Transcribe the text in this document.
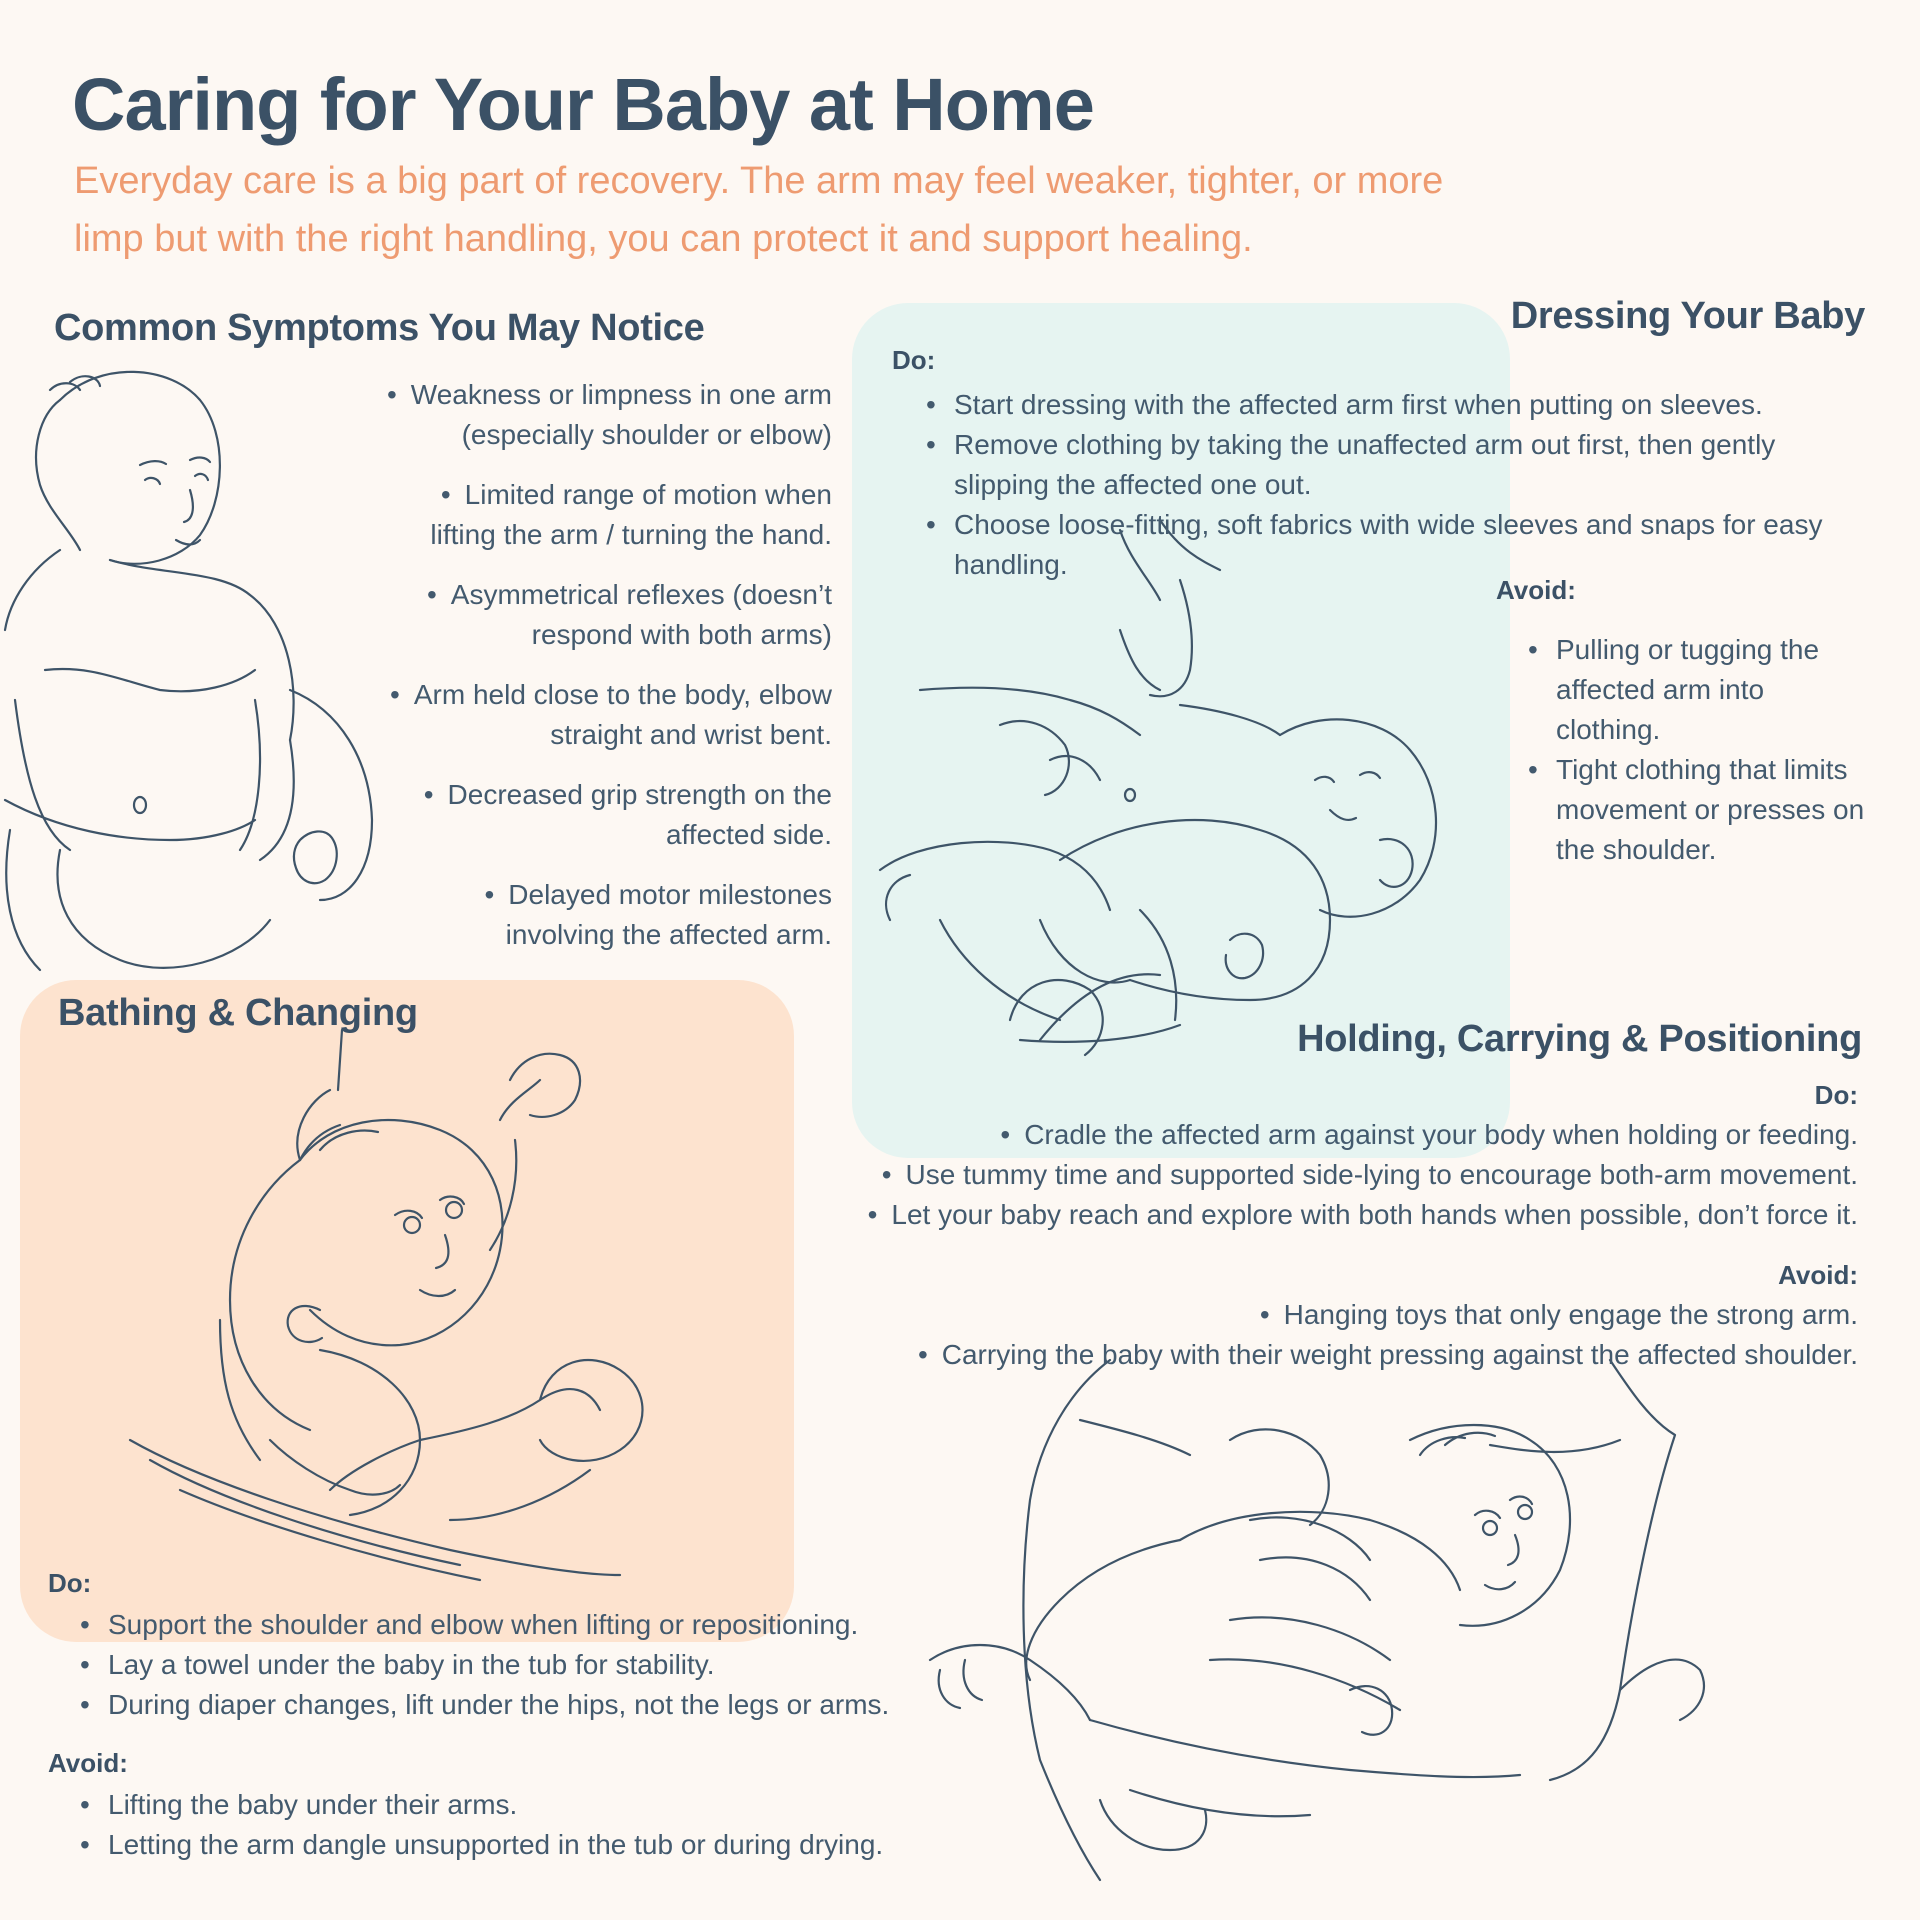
Caring for Your Baby at Home
Everyday care is a big part of recovery. The arm may feel weaker, tighter, or more
limp but with the right handling, you can protect it and support healing.
Common Symptoms You May Notice
• Weakness or limpness in one arm
(especially shoulder or elbow)
• Limited range of motion when
lifting the arm / turning the hand.
• Asymmetrical reflexes (doesn’t
respond with both arms)
• Arm held close to the body, elbow
straight and wrist bent.
• Decreased grip strength on the
affected side.
• Delayed motor milestones
involving the affected arm.
Dressing Your Baby
Do:
• Start dressing with the affected arm first when putting on sleeves.
• Remove clothing by taking the unaffected arm out first, then gently
slipping the affected one out.
• Choose loose-fitting, soft fabrics with wide sleeves and snaps for easy
handling.
Avoid:
• Pulling or tugging the
affected arm into
clothing.
• Tight clothing that limits
movement or presses on
the shoulder.
Bathing & Changing
Do:
• Support the shoulder and elbow when lifting or repositioning.
• Lay a towel under the baby in the tub for stability.
• During diaper changes, lift under the hips, not the legs or arms.
Avoid:
• Lifting the baby under their arms.
• Letting the arm dangle unsupported in the tub or during drying.
Holding, Carrying & Positioning
Do:
• Cradle the affected arm against your body when holding or feeding.
• Use tummy time and supported side-lying to encourage both-arm movement.
• Let your baby reach and explore with both hands when possible, don’t force it.
Avoid:
• Hanging toys that only engage the strong arm.
• Carrying the baby with their weight pressing against the affected shoulder.
